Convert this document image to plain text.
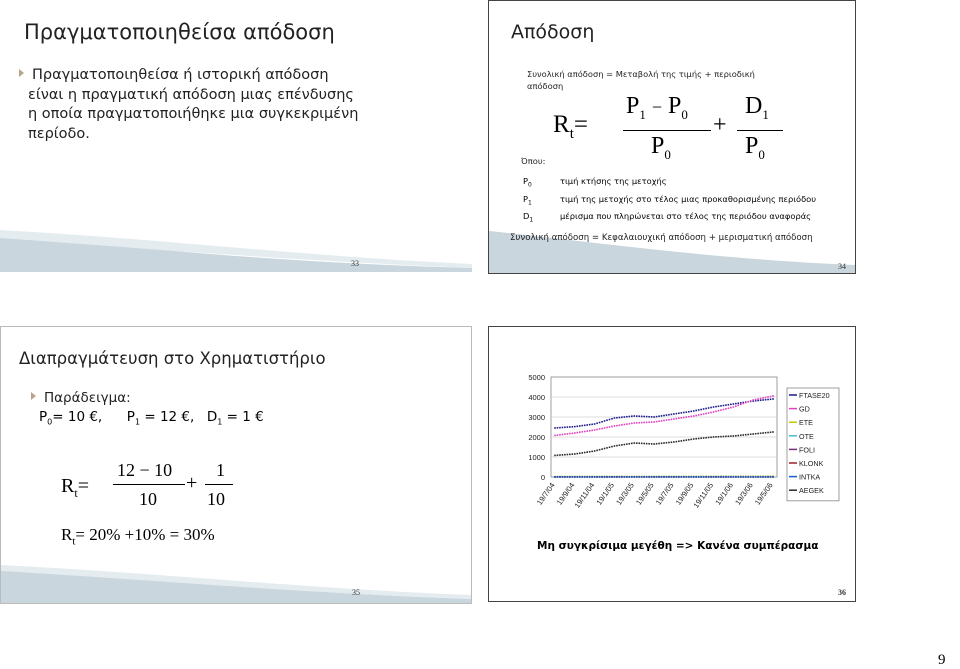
Πραγματοποιηθείσα απόδοση
Πραγματοποιηθείσα ή ιστορική απόδοση
είναι η πραγματική απόδοση μιας επένδυσης
η οποία πραγματοποιήθηκε μια συγκεκριμένη
περίοδο.
33
Απόδοση
Συνολική απόδοση = Μεταβολή της τιμής + περιοδική
απόδοση
$R_t=$
$P_1 - P_0$
$P_0$
+
$D_1$
$P_0$
Όπου:
$P_0$	τιμή κτήσης της μετοχής
$P_1$	τιμή της μετοχής στο τέλος μιας προκαθορισμένης περιόδου
$D_1$	μέρισμα που πληρώνεται στο τέλος της περιόδου αναφοράς
Συνολική απόδοση = Κεφαλαιουχική απόδοση + μερισματική απόδοση
34
Διαπραγμάτευση στο Χρηματιστήριο
Παράδειγμα:
$P_0= 10$ €, $P_1 = 12$ €, $D_1 = 1$ €
$R_t=$
12 − 10
10
+
1
10
$R_t= 20\% +10\% = 30\%$
35
5000
4000
3000
2000
1000
0
19/7/04
19/9/04
19/11/04
19/1/05
19/3/05
19/5/05
19/7/05
19/9/05
19/11/05
19/1/06
19/3/06
19/5/06
FTASE20
GD
ETE
OTE
FOLI
KLONK
INTKA
AEGEK
Μη συγκρίσιμα μεγέθη => Κανένα συμπέρασμα
36
9
